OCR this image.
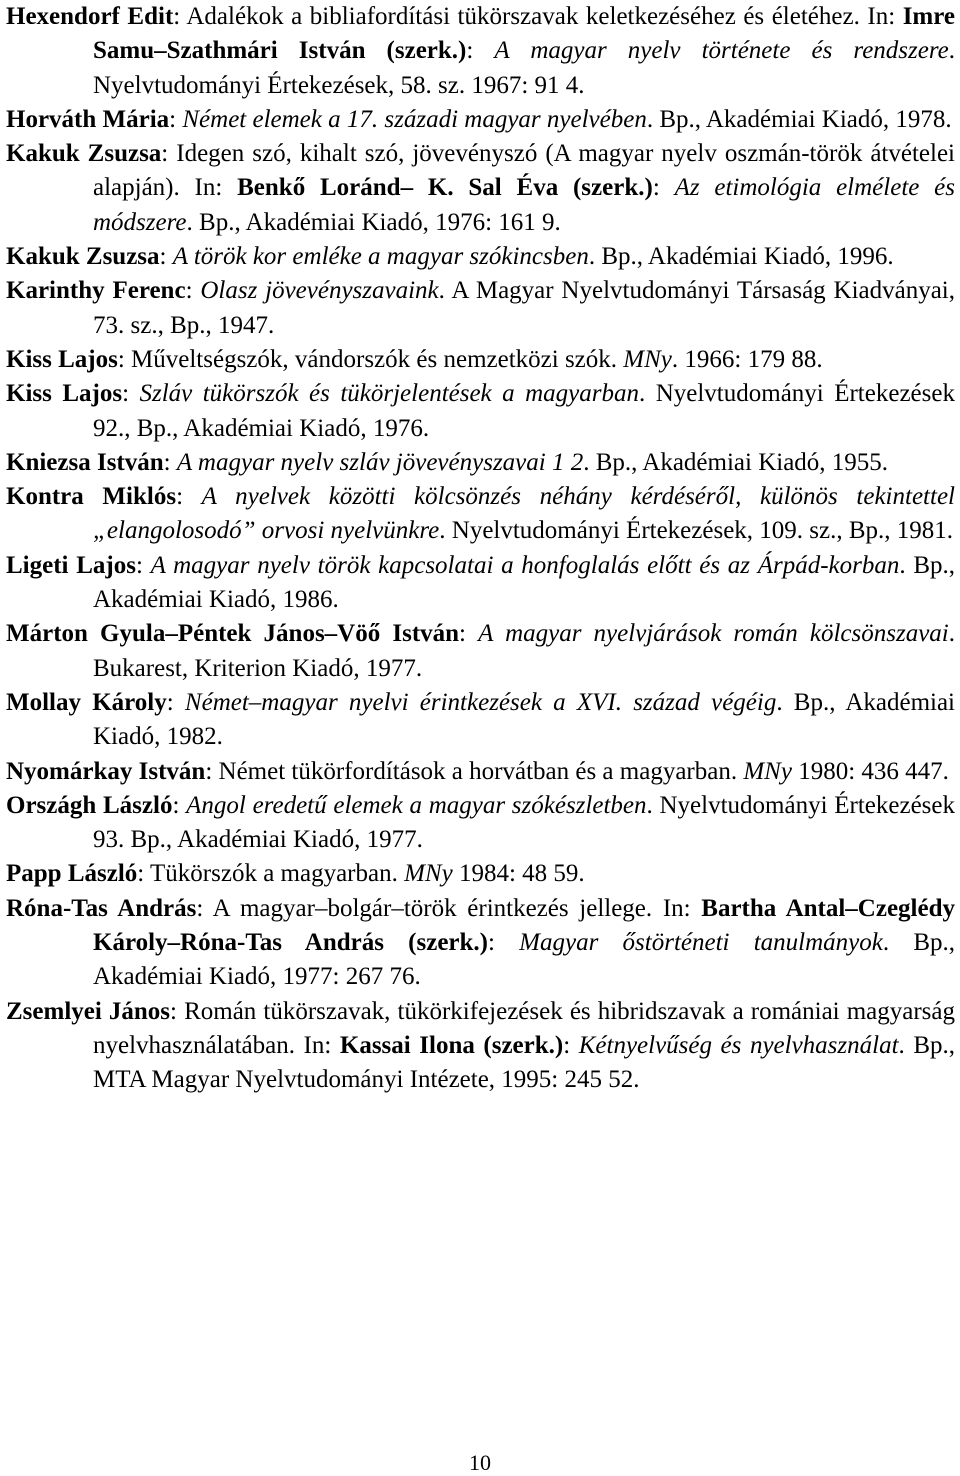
Hexendorf Edit: Adalékok a bibliafordítási tükörszavak keletkezéséhez és életéhez. In: Imre Samu–Szathmári István (szerk.): A magyar nyelv története és rendszere. Nyelvtudományi Értekezések, 58. sz. 1967: 91 4.

Horváth Mária: Német elemek a 17. századi magyar nyelvében. Bp., Akadémiai Kiadó, 1978.

Kakuk Zsuzsa: Idegen szó, kihalt szó, jövevényszó (A magyar nyelv oszmán-török átvételei alapján). In: Benkő Loránd– K. Sal Éva (szerk.): Az etimológia elmélete és módszere. Bp., Akadémiai Kiadó, 1976: 161 9.

Kakuk Zsuzsa: A török kor emléke a magyar szókincsben. Bp., Akadémiai Kiadó, 1996.

Karinthy Ferenc: Olasz jövevényszavaink. A Magyar Nyelvtudományi Társaság Kiadványai, 73. sz., Bp., 1947.

Kiss Lajos: Műveltségszók, vándorszók és nemzetközi szók. MNy. 1966: 179 88.

Kiss Lajos: Szláv tükörszók és tükörjelentések a magyarban. Nyelvtudományi Értekezések 92., Bp., Akadémiai Kiadó, 1976.

Kniezsa István: A magyar nyelv szláv jövevényszavai 1 2. Bp., Akadémiai Kiadó, 1955.

Kontra Miklós: A nyelvek közötti kölcsönzés néhány kérdéséről, különös tekintettel „elangolosodó” orvosi nyelvünkre. Nyelvtudományi Értekezések, 109. sz., Bp., 1981.

Ligeti Lajos: A magyar nyelv török kapcsolatai a honfoglalás előtt és az Árpád-korban. Bp., Akadémiai Kiadó, 1986.

Márton Gyula–Péntek János–Vöő István: A magyar nyelvjárások román kölcsönszavai. Bukarest, Kriterion Kiadó, 1977.

Mollay Károly: Német–magyar nyelvi érintkezések a XVI. század végéig. Bp., Akadémiai Kiadó, 1982.

Nyomárkay István: Német tükörfordítások a horvátban és a magyarban. MNy 1980: 436 447.

Országh László: Angol eredetű elemek a magyar szókészletben. Nyelvtudományi Értekezések 93. Bp., Akadémiai Kiadó, 1977.

Papp László: Tükörszók a magyarban. MNy 1984: 48 59.

Róna-Tas András: A magyar–bolgár–török érintkezés jellege. In: Bartha Antal–Czeglédy Károly–Róna-Tas András (szerk.): Magyar őstörténeti tanulmányok. Bp., Akadémiai Kiadó, 1977: 267 76.

Zsemlyei János: Román tükörszavak, tükörkifejezések és hibridszavak a romániai magyarság nyelvhasználatában. In: Kassai Ilona (szerk.): Kétnyelvűség és nyelvhasználat. Bp., MTA Magyar Nyelvtudományi Intézete, 1995: 245 52.

10
